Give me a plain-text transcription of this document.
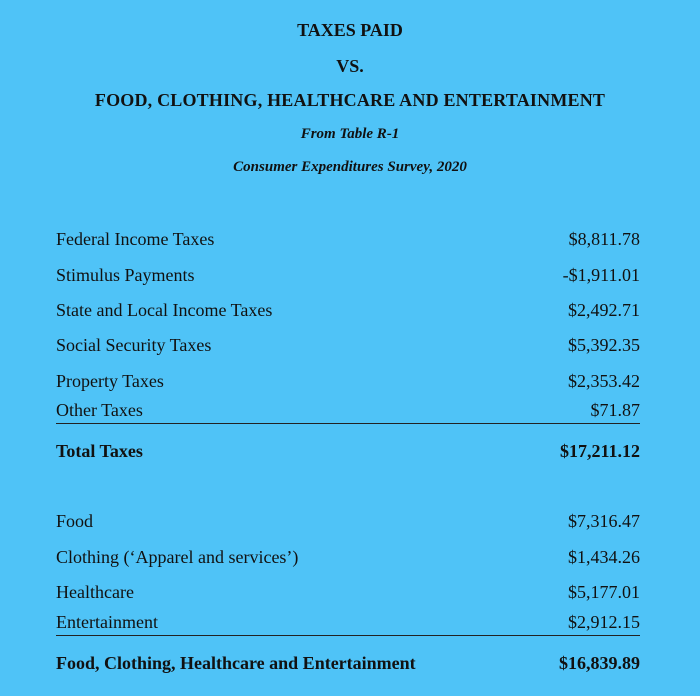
TAXES PAID
VS.
FOOD, CLOTHING, HEALTHCARE AND ENTERTAINMENT
From Table R-1
Consumer Expenditures Survey, 2020
Federal Income Taxes	$8,811.78
Stimulus Payments	-$1,911.01
State and Local Income Taxes	$2,492.71
Social Security Taxes	$5,392.35
Property Taxes	$2,353.42
Other Taxes	$71.87
Total Taxes	$17,211.12
Food	$7,316.47
Clothing (‘Apparel and services’)	$1,434.26
Healthcare	$5,177.01
Entertainment	$2,912.15
Food, Clothing, Healthcare and Entertainment	$16,839.89
